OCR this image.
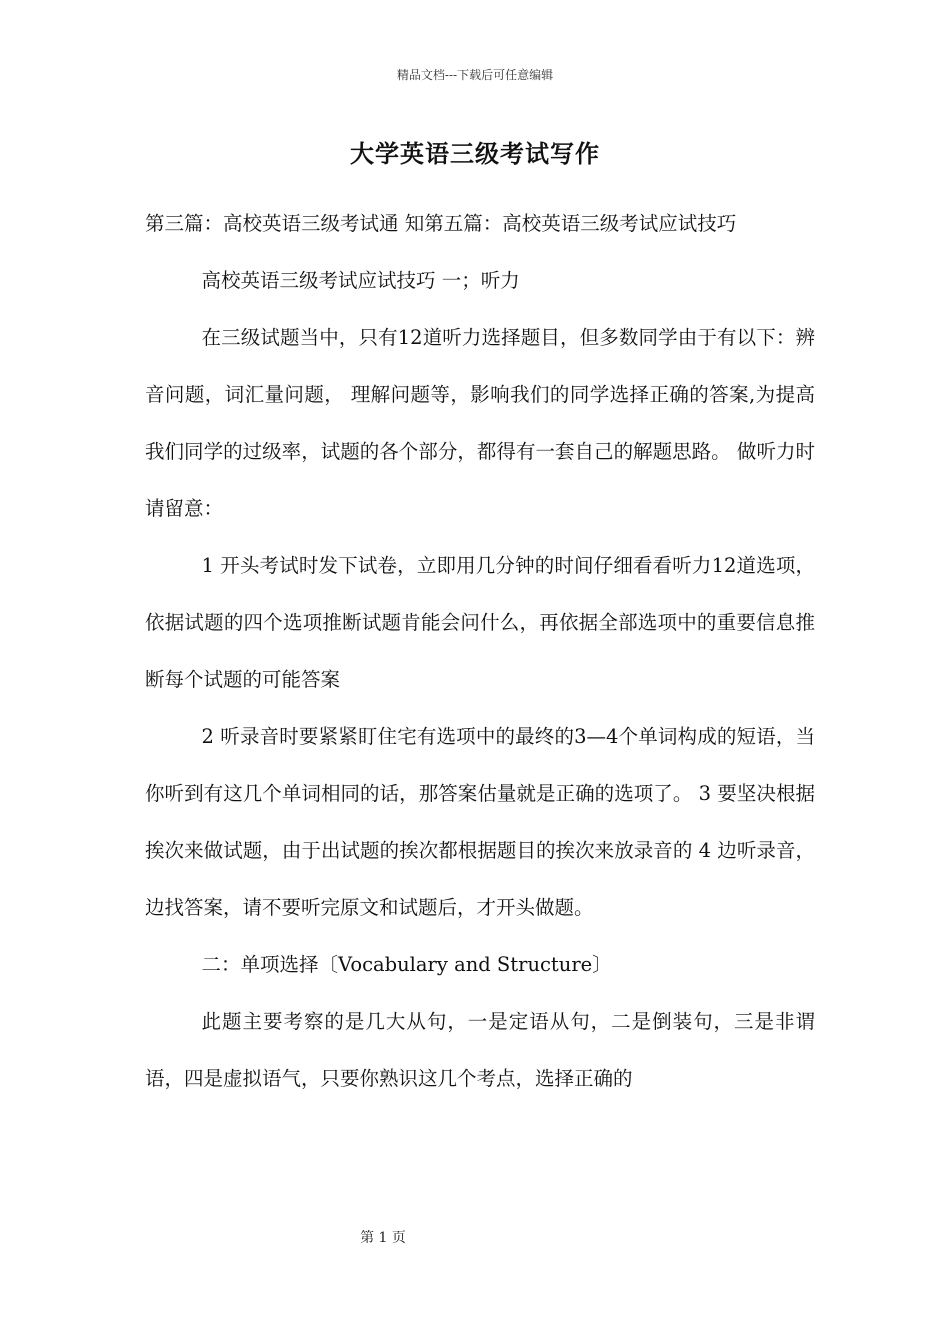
精品文档---下载后可任意编辑
大学英语三级考试写作

第三篇：高校英语三级考试通 知第五篇：高校英语三级考试应试技巧

高校英语三级考试应试技巧 一；听力

在三级试题当中，只有12道听力选择题目，但多数同学由于有以下：辨音问题，词汇量问题， 理解问题等，影响我们的同学选择正确的答案,为提高我们同学的过级率，试题的各个部分，都得有一套自己的解题思路。 做听力时请留意：

1 开头考试时发下试卷，立即用几分钟的时间仔细看看听力12道选项，依据试题的四个选项推断试题肯能会问什么，再依据全部选项中的重要信息推断每个试题的可能答案

2 听录音时要紧紧盯住宅有选项中的最终的3—4个单词构成的短语，当你听到有这几个单词相同的话，那答案估量就是正确的选项了。 3 要坚决根据挨次来做试题，由于出试题的挨次都根据题目的挨次来放录音的 4 边听录音，边找答案，请不要听完原文和试题后，才开头做题。

二：单项选择〔Vocabulary and Structure〕

此题主要考察的是几大从句，一是定语从句，二是倒装句，三是非谓语，四是虚拟语气，只要你熟识这几个考点，选择正确的

第 1 页
